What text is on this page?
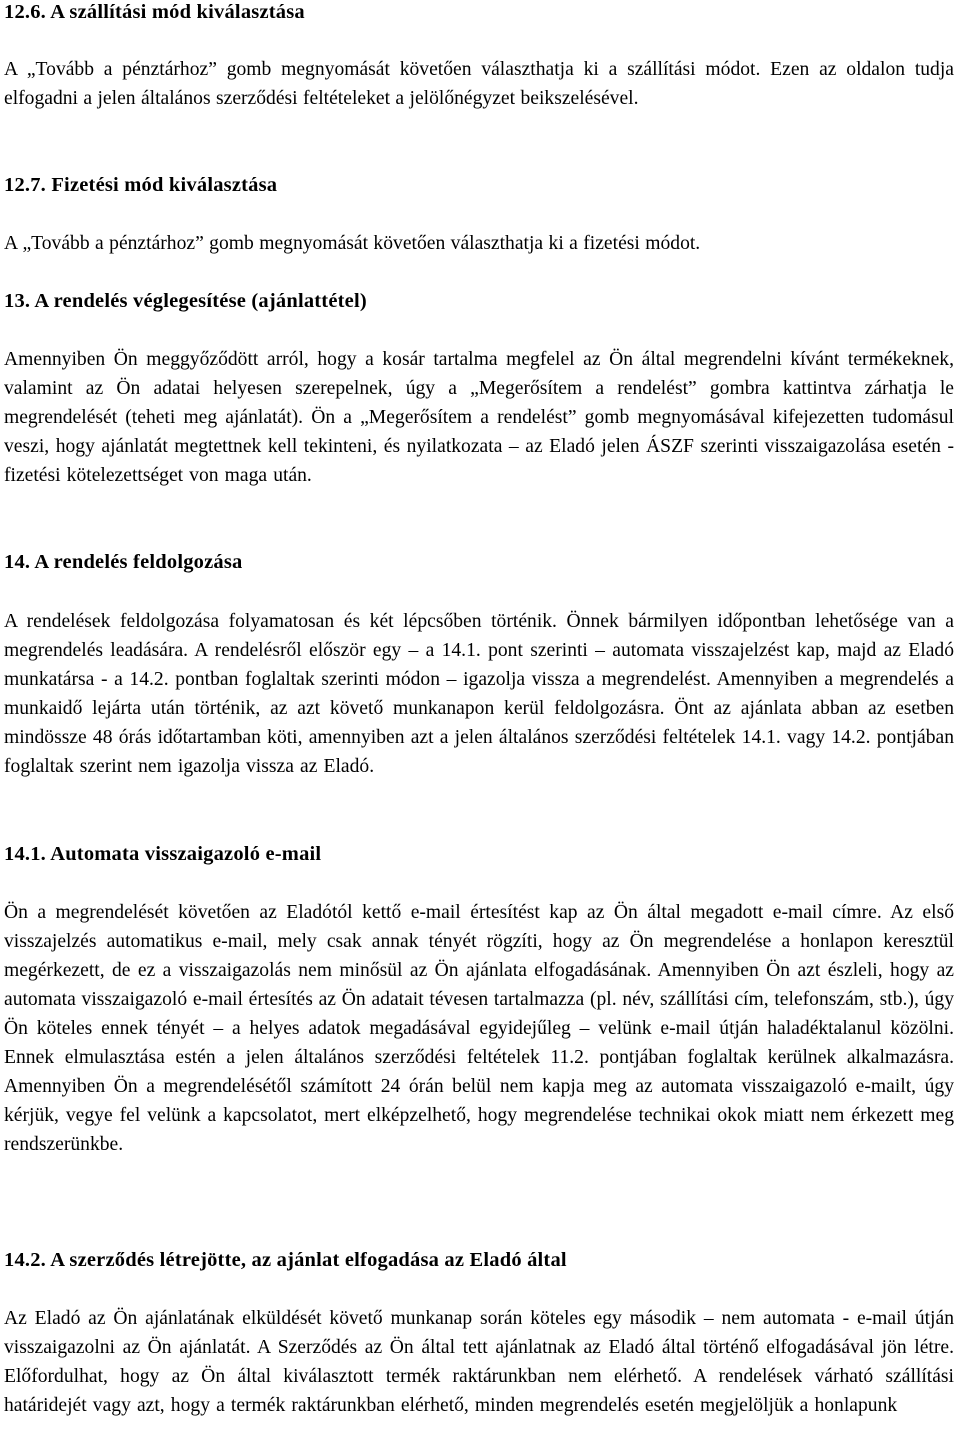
12.6. A szállítási mód kiválasztása

A „Tovább a pénztárhoz” gomb megnyomását követően választhatja ki a szállítási módot. Ezen az oldalon tudja elfogadni a jelen általános szerződési feltételeket a jelölőnégyzet beikszelésével.

12.7. Fizetési mód kiválasztása

A „Tovább a pénztárhoz” gomb megnyomását követően választhatja ki a fizetési módot.

13. A rendelés véglegesítése (ajánlattétel)

Amennyiben Ön meggyőződött arról, hogy a kosár tartalma megfelel az Ön által megrendelni kívánt termékeknek, valamint az Ön adatai helyesen szerepelnek, úgy a „Megerősítem a rendelést” gombra kattintva zárhatja le megrendelését (teheti meg ajánlatát). Ön a „Megerősítem a rendelést” gomb megnyomásával kifejezetten tudomásul veszi, hogy ajánlatát megtettnek kell tekinteni, és nyilatkozata – az Eladó jelen ÁSZF szerinti visszaigazolása esetén - fizetési kötelezettséget von maga után.

14. A rendelés feldolgozása

A rendelések feldolgozása folyamatosan és két lépcsőben történik. Önnek bármilyen időpontban lehetősége van a megrendelés leadására. A rendelésről először egy – a 14.1. pont szerinti – automata visszajelzést kap, majd az Eladó munkatársa - a 14.2. pontban foglaltak szerinti módon – igazolja vissza a megrendelést. Amennyiben a megrendelés a munkaidő lejárta után történik, az azt követő munkanapon kerül feldolgozásra. Önt az ajánlata abban az esetben mindössze 48 órás időtartamban köti, amennyiben azt a jelen általános szerződési feltételek 14.1. vagy 14.2. pontjában foglaltak szerint nem igazolja vissza az Eladó.

14.1. Automata visszaigazoló e-mail

Ön a megrendelését követően az Eladótól kettő e-mail értesítést kap az Ön által megadott e-mail címre. Az első visszajelzés automatikus e-mail, mely csak annak tényét rögzíti, hogy az Ön megrendelése a honlapon keresztül megérkezett, de ez a visszaigazolás nem minősül az Ön ajánlata elfogadásának. Amennyiben Ön azt észleli, hogy az automata visszaigazoló e-mail értesítés az Ön adatait tévesen tartalmazza (pl. név, szállítási cím, telefonszám, stb.), úgy Ön köteles ennek tényét – a helyes adatok megadásával egyidejűleg – velünk e-mail útján haladéktalanul közölni. Ennek elmulasztása estén a jelen általános szerződési feltételek 11.2. pontjában foglaltak kerülnek alkalmazásra. Amennyiben Ön a megrendelésétől számított 24 órán belül nem kapja meg az automata visszaigazoló e-mailt, úgy kérjük, vegye fel velünk a kapcsolatot, mert elképzelhető, hogy megrendelése technikai okok miatt nem érkezett meg rendszerünkbe.

14.2. A szerződés létrejötte, az ajánlat elfogadása az Eladó által

Az Eladó az Ön ajánlatának elküldését követő munkanap során köteles egy második – nem automata - e-mail útján visszaigazolni az Ön ajánlatát. A Szerződés az Ön által tett ajánlatnak az Eladó által történő elfogadásával jön létre. Előfordulhat, hogy az Ön által kiválasztott termék raktárunkban nem elérhető. A rendelések várható szállítási határidejét vagy azt, hogy a termék raktárunkban elérhető, minden megrendelés esetén megjelöljük a honlapunk
